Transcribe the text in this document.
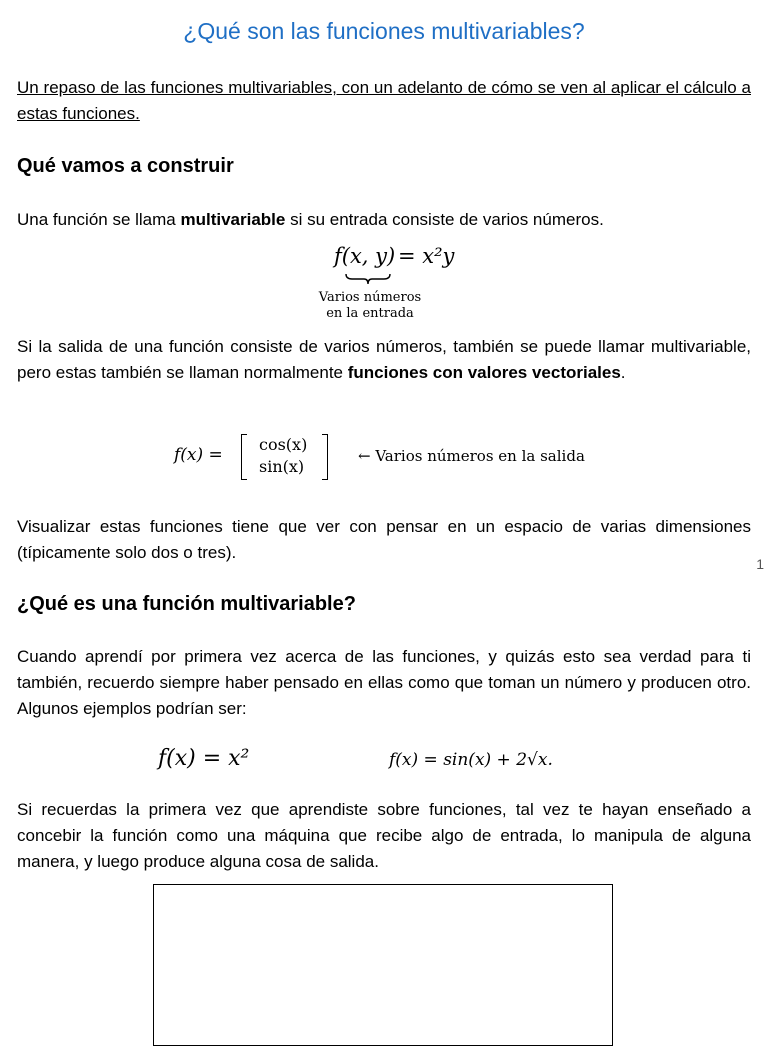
¿Qué son las funciones multivariables?

Un repaso de las funciones multivariables, con un adelanto de cómo se ven al aplicar el cálculo a estas funciones.

Qué vamos a construir

Una función se llama multivariable si su entrada consiste de varios números.

f(x, y) = x²y
Varios números
en la entrada

Si la salida de una función consiste de varios números, también se puede llamar multivariable, pero estas también se llaman normalmente funciones con valores vectoriales.

f(x) =
cos(x)
sin(x)
← Varios números en la salida

Visualizar estas funciones tiene que ver con pensar en un espacio de varias dimensiones (típicamente solo dos o tres).

1
¿Qué es una función multivariable?

Cuando aprendí por primera vez acerca de las funciones, y quizás esto sea verdad para ti también, recuerdo siempre haber pensado en ellas como que toman un número y producen otro. Algunos ejemplos podrían ser:

f(x) = x²	f(x) = sin(x) + 2√x.

Si recuerdas la primera vez que aprendiste sobre funciones, tal vez te hayan enseñado a concebir la función como una máquina que recibe algo de entrada, lo manipula de alguna manera, y luego produce alguna cosa de salida.
